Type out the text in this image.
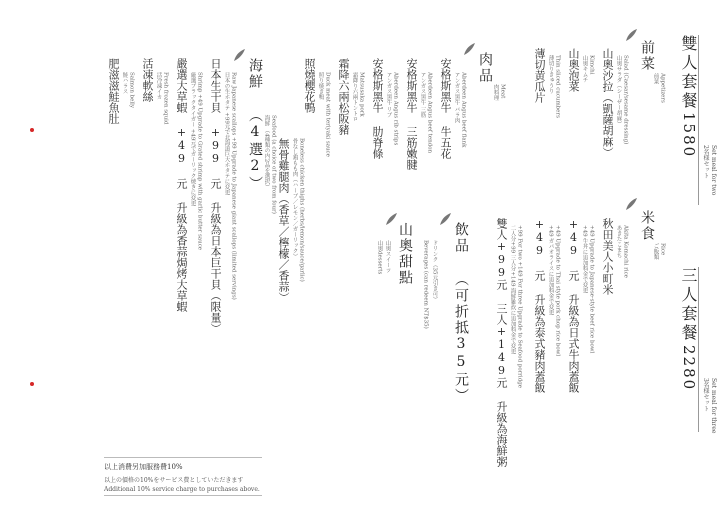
雙人套餐
1580
2名様セット Set meal for two
三人套餐
2280
3名様セット Set meal for three
前菜
前菜 Appetizers
山奧沙拉（凱薩胡麻） 山奧サラダ（シーザー胡麻） Salad (Caesar/sesame dressing)
山奧泡菜 山奧キムチ Kimchi
薄切黄瓜片 薄切りきゅうり Thin sliced cucumbers
肉品
肉料理 Meat
安格斯黑牛 牛五花 アンガス黑牛 バラ肉 Aberdeen Angus beef flank
安格斯黑牛 三筋嫩腱 アンガス黑牛 三筋 Aberdeen Angus beef tendon
安格斯黑牛 肋脊條 アンガス黑牛 リブ Aberdeen Angus rib strips
霜降六兩松阪豬 霜降り六兩トントロ Matsusaka pork
照燒櫻花鴨 照り焼き鴨 Duck meat with teriyaki sauce
海鮮 （4選2） 海鮮 （4種類の内2品を選択） Seafood (a choice of two from four) 無骨雞腿肉（香草／檸檬／香蒜） 骨なし鶏もも肉（ハーブ／レモン／ガーリック） Boneless chicken thighs (herbs/lemon/sauce/garlic)
日本生干貝 +99 元 升級為日本巨干貝（限量） 日本の生ホタテ +99元で北海道巨大ホタテに変更 Raw Japanese scallops +99 Upgrade to Japanese giant scallops (limited servings)
嚴選大草蝦 +49 元 升級為香蒜焗烤大草蝦 厳選ブラックタイガー +49元でガーリック焼きに変更 Shrimp +49 Upgrade to Grated shrimp with garlic butter sauce
活凍軟絲 活冷凍イカ Fresh frozen squid
肥滋滋鮭魚肚 鮭ハラス Salmon belly
米食
ご飯類 Rice
秋田美人小町米 あきたこまち Akita Komachi rice
+49 元 升級為日式牛肉蓋飯 +49 牛丼に追加料金で変更 +49 Upgrade to Japanese-style beef rice bowl
+49 元 升級為泰式豬肉蓋飯 +49 ガパオライスに追加料金で変更 +49 Upgrade to Thai style pork chop rice bowl
雙人+99元 三人+149元 升級為海鮮粥 二人分+99 三人分+149 海鮮雑炊に追加料金で変更 +99 For two +149 For three Upgrade to Seafood porridge
飲品 （可折抵35元）
ドリンク（35元引き可）
Beverages (can redeem NT$35)
山奧甜點
山奧スイーツ
山奧desserts
以上消費另加服務費10%
以上の價格の10%をサービス費としていただきます
Additional 10% service charge to purchases above.
